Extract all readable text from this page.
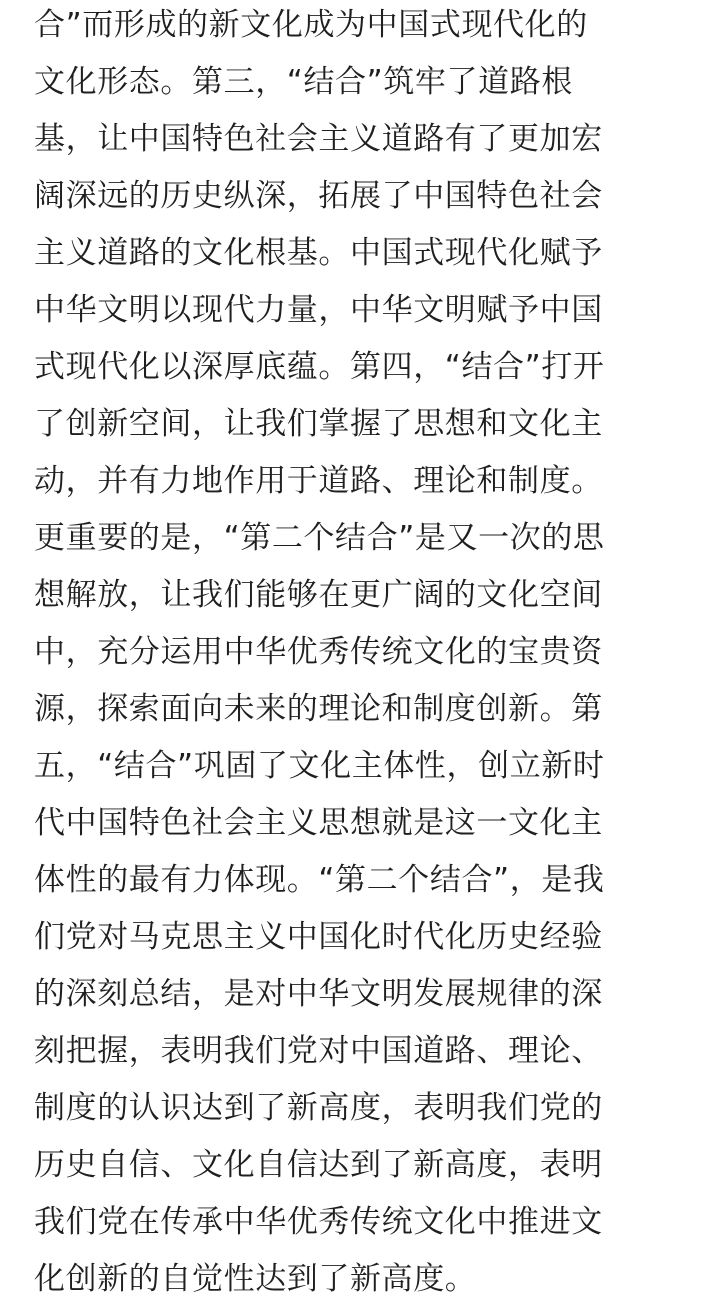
合”而形成的新文化成为中国式现代化的
文化形态。第三，“结合”筑牢了道路根
基，让中国特色社会主义道路有了更加宏
阔深远的历史纵深，拓展了中国特色社会
主义道路的文化根基。中国式现代化赋予
中华文明以现代力量，中华文明赋予中国
式现代化以深厚底蕴。第四，“结合”打开
了创新空间，让我们掌握了思想和文化主
动，并有力地作用于道路、理论和制度。
更重要的是，“第二个结合”是又一次的思
想解放，让我们能够在更广阔的文化空间
中，充分运用中华优秀传统文化的宝贵资
源，探索面向未来的理论和制度创新。第
五，“结合”巩固了文化主体性，创立新时
代中国特色社会主义思想就是这一文化主
体性的最有力体现。“第二个结合”，是我
们党对马克思主义中国化时代化历史经验
的深刻总结，是对中华文明发展规律的深
刻把握，表明我们党对中国道路、理论、
制度的认识达到了新高度，表明我们党的
历史自信、文化自信达到了新高度，表明
我们党在传承中华优秀传统文化中推进文
化创新的自觉性达到了新高度。
